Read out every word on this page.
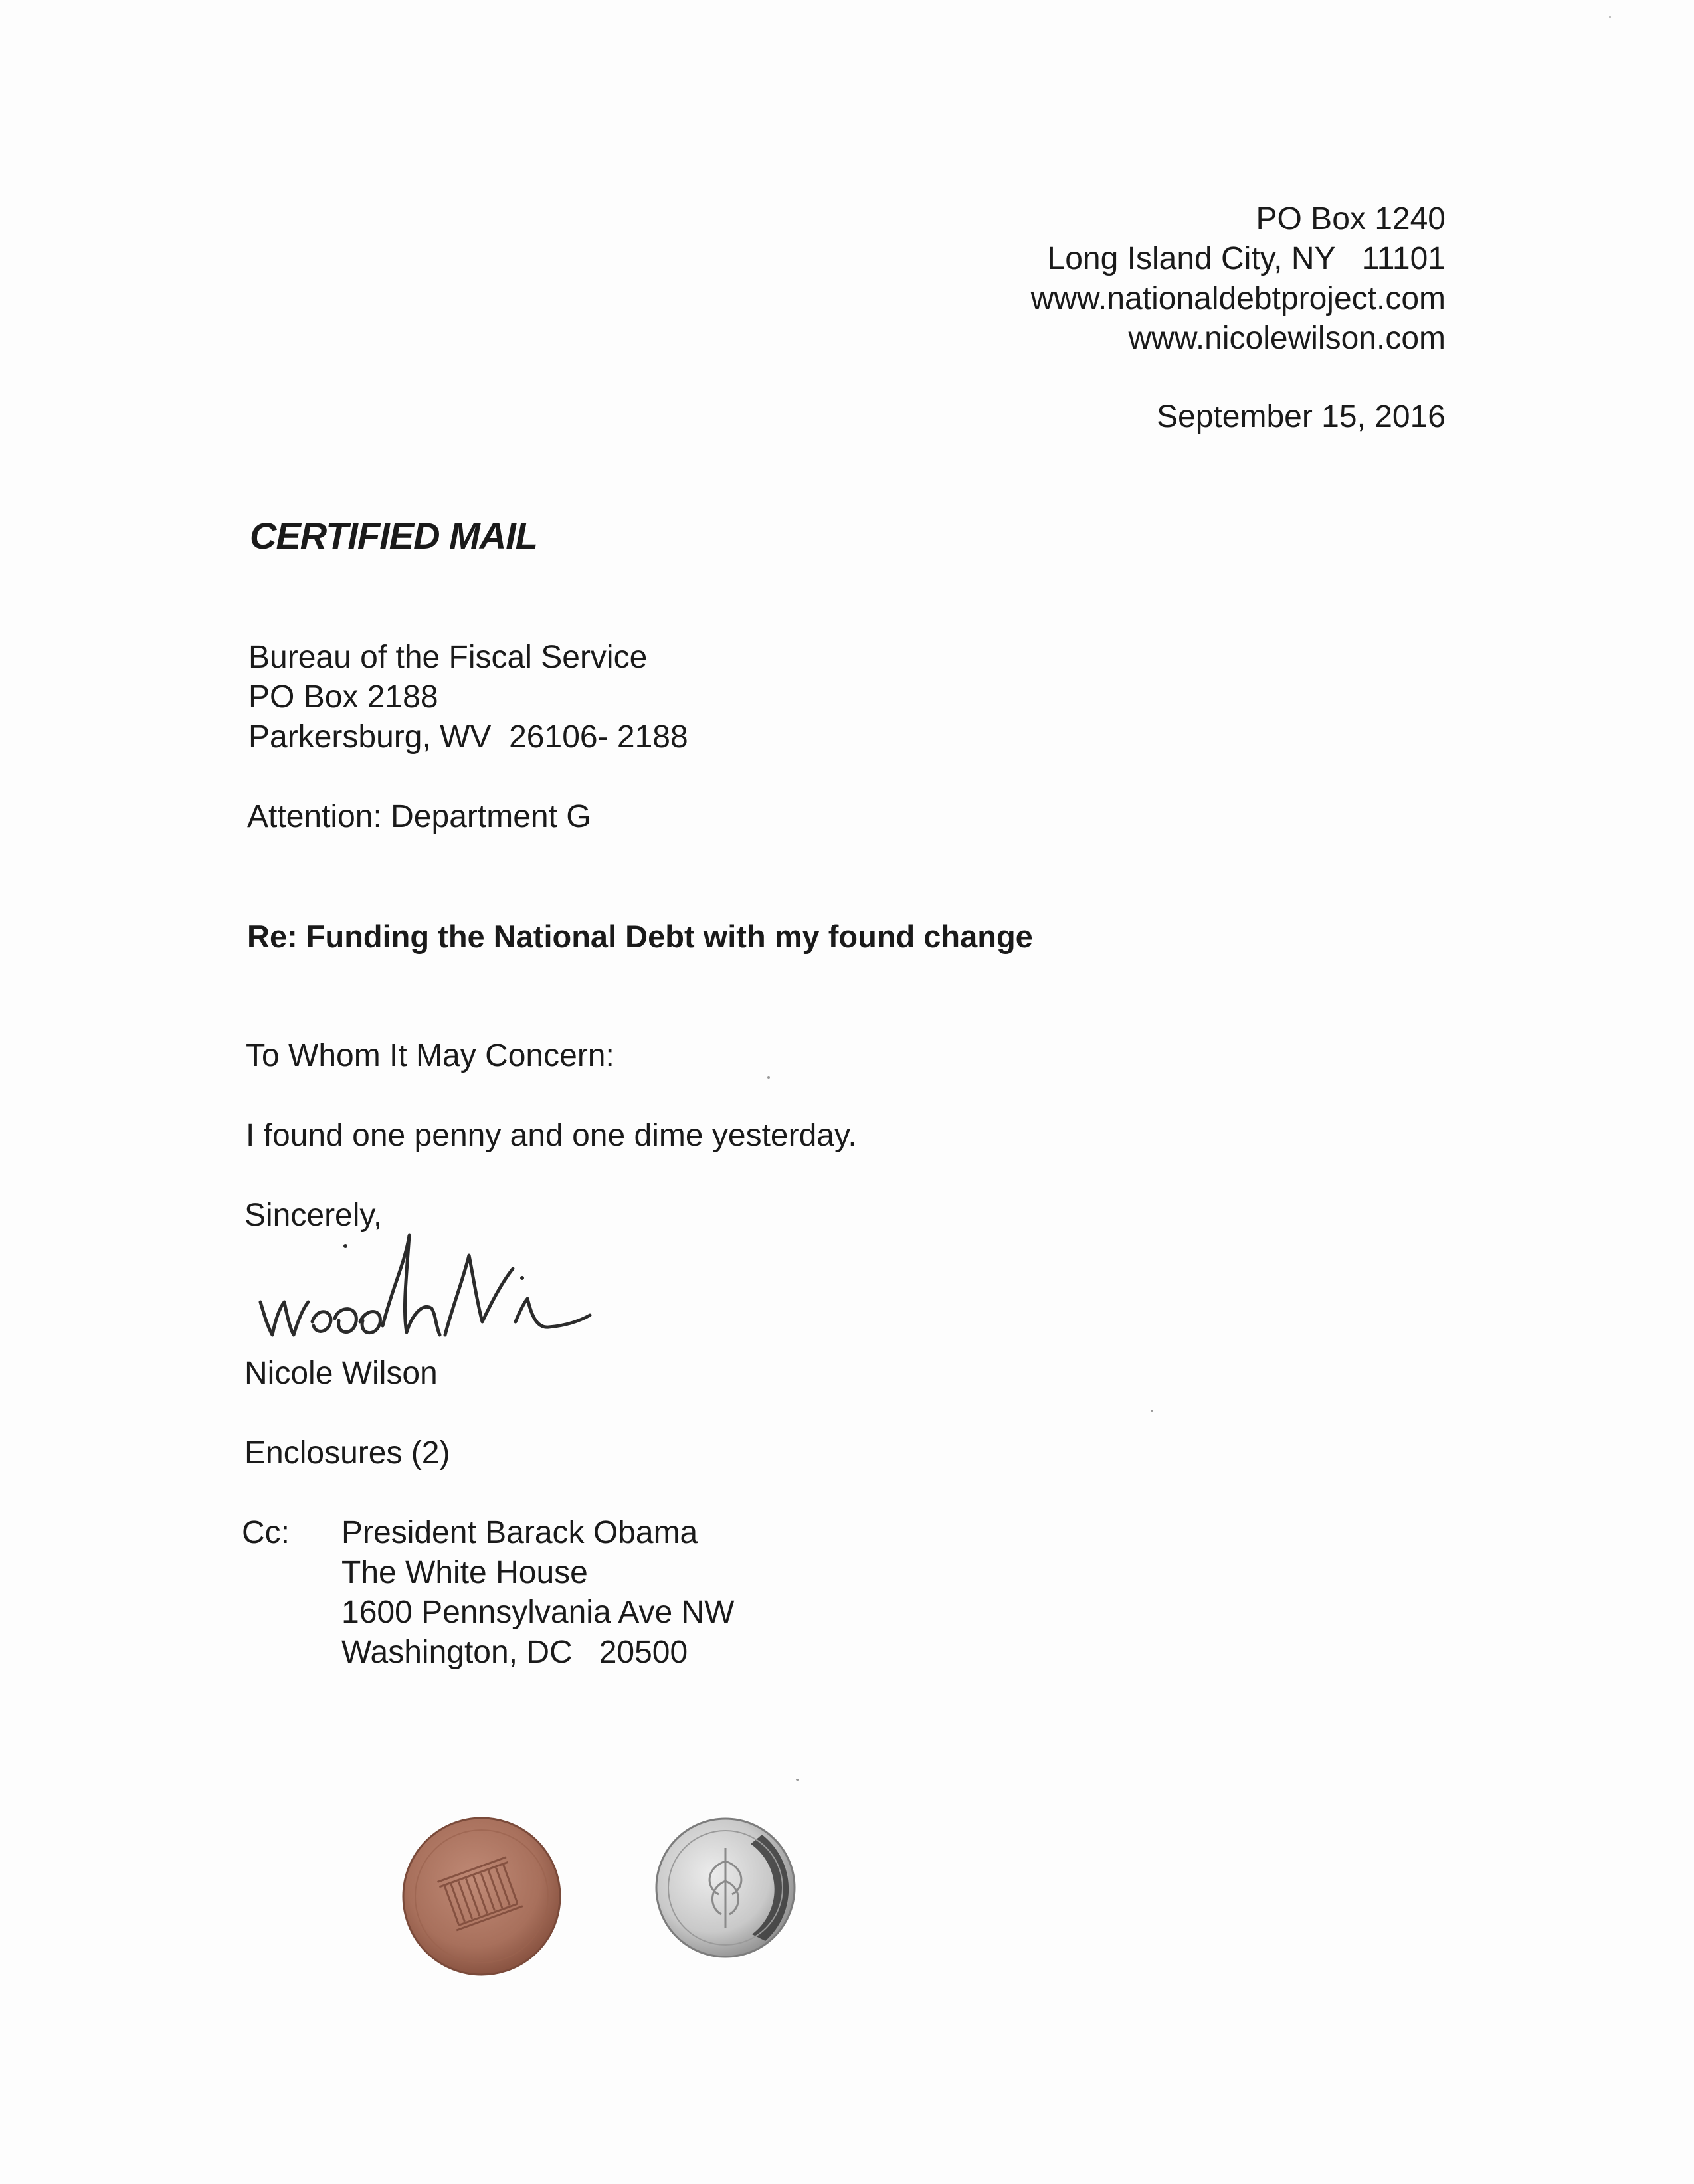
PO Box 1240
Long Island City, NY   11101
www.nationaldebtproject.com
www.nicolewilson.com
September 15, 2016
CERTIFIED MAIL
Bureau of the Fiscal Service
PO Box 2188
Parkersburg, WV  26106- 2188
Attention: Department G
Re: Funding the National Debt with my found change
To Whom It May Concern:
I found one penny and one dime yesterday.
Sincerely,
Nicole Wilson
Enclosures (2)
Cc: President Barack Obama
The White House
1600 Pennsylvania Ave NW
Washington, DC   20500
